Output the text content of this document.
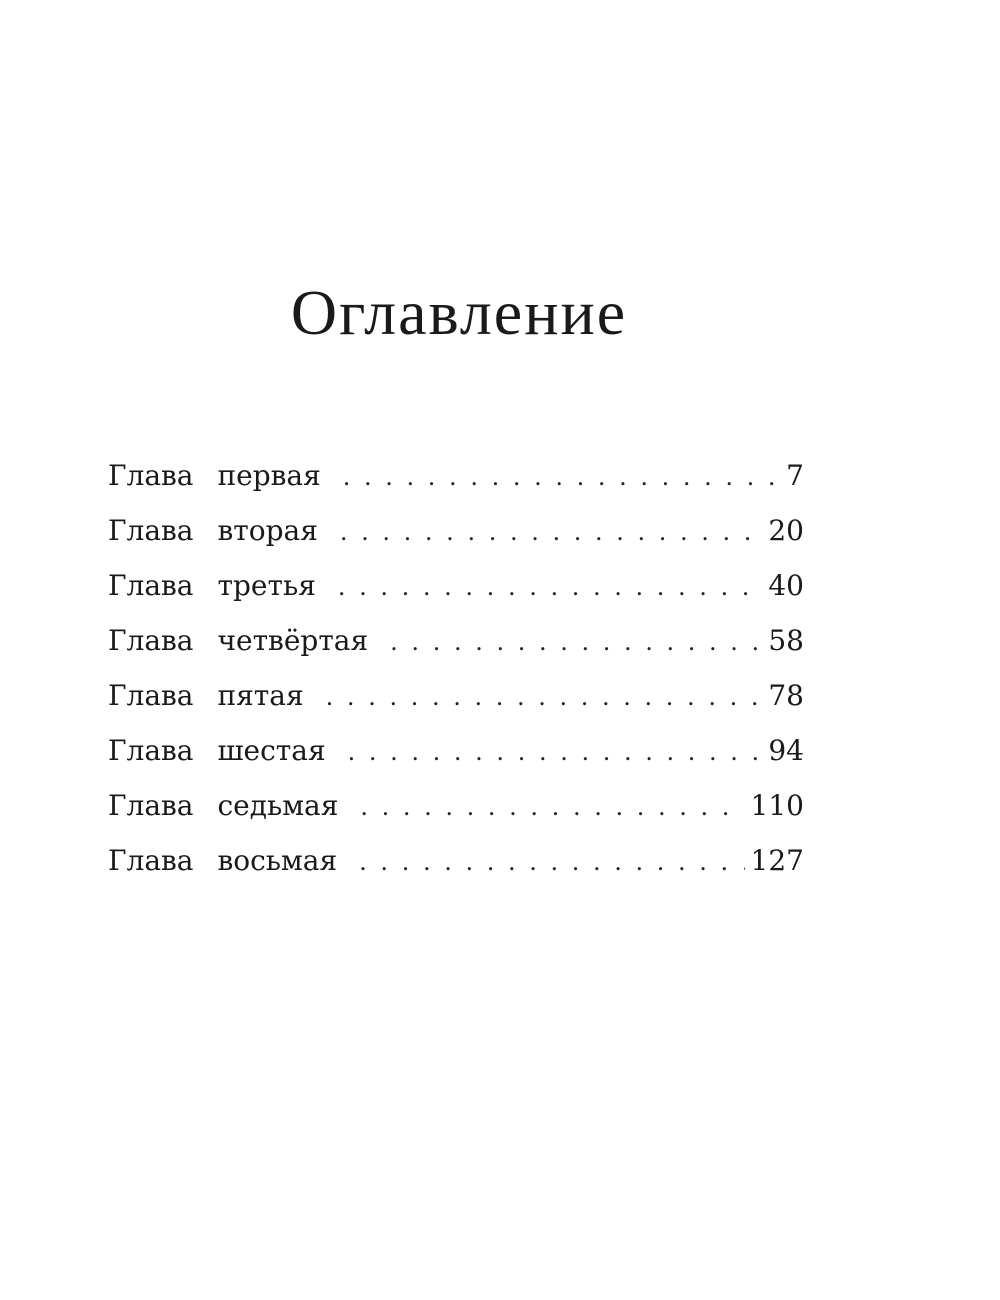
Оглавление
Глава первая . . .	7
Глава вторая . . .	20
Глава третья . . .	40
Глава четвёртая . . .	58
Глава пятая . . .	78
Глава шестая . . .	94
Глава седьмая . . .	110
Глава восьмая . . .	127
